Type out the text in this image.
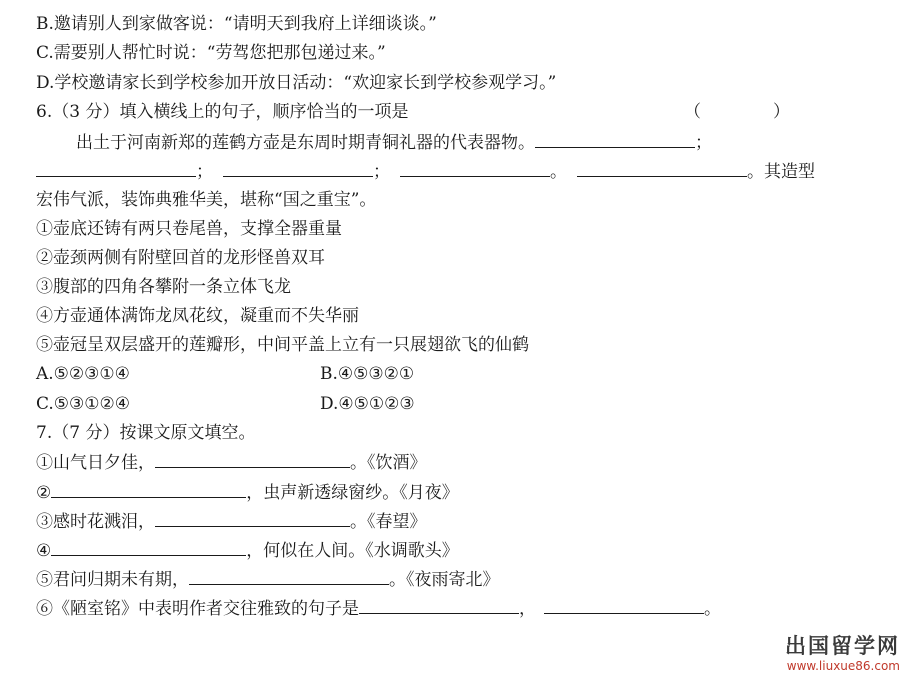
B.邀请别人到家做客说：“请明天到我府上详细谈谈。”
C.需要别人帮忙时说：“劳驾您把那包递过来。”
D.学校邀请家长到学校参加开放日活动：“欢迎家长到学校参观学习。”
6.（3 分）填入横线上的句子，顺序恰当的一项是	（	）
出土于河南新郑的莲鹤方壶是东周时期青铜礼器的代表器物。	；
；	；	。	。其造型
宏伟气派，装饰典雅华美，堪称“国之重宝”。
①壶底还铸有两只卷尾兽，支撑全器重量
②壶颈两侧有附壁回首的龙形怪兽双耳
③腹部的四角各攀附一条立体飞龙
④方壶通体满饰龙凤花纹，凝重而不失华丽
⑤壶冠呈双层盛开的莲瓣形，中间平盖上立有一只展翅欲飞的仙鹤
A.⑤②③①④	B.④⑤③②①
C.⑤③①②④	D.④⑤①②③
7.（7 分）按课文原文填空。
①山气日夕佳，	。《饮酒》
②	，虫声新透绿窗纱。《月夜》
③感时花溅泪，	。《春望》
④	，何似在人间。《水调歌头》
⑤君问归期未有期，	。《夜雨寄北》
⑥《陋室铭》中表明作者交往雅致的句子是	，	。
出国留学网
www.liuxue86.com
